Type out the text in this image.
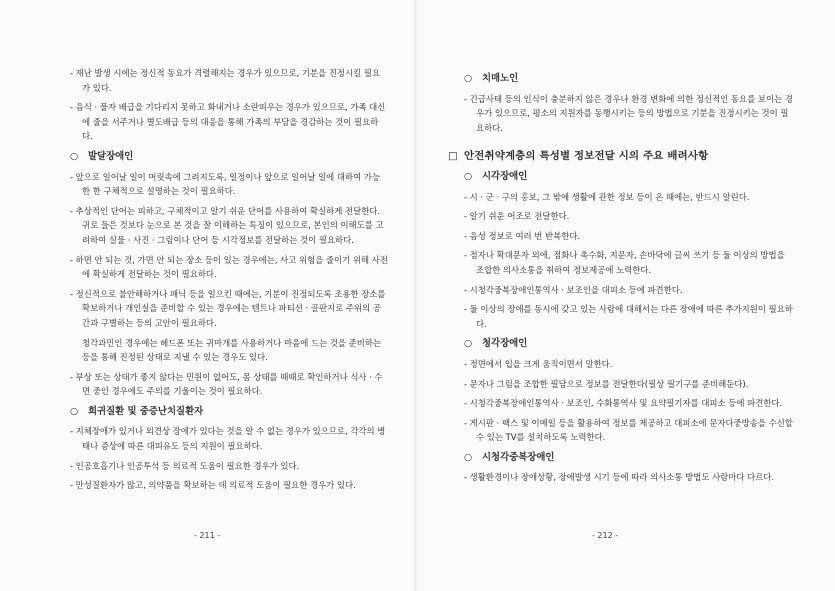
- 재난 발생 시에는 정신적 동요가 격렬해지는 경우가 있으므로, 기분을 진정시킬 필요가 있다.
- 음식 · 물자 배급을 기다리지 못하고 화내거나 소란피우는 경우가 있으므로, 가족 대신에 줄을 서주거나 별도배급 등의 대응을 통해 가족의 부담을 경감하는 것이 필요하다.
○ 발달장애인
- 앞으로 일어날 일이 머릿속에 그려지도록, 일정이나 앞으로 일어날 일에 대하여 가능한 한 구체적으로 설명하는 것이 필요하다.
- 추상적인 단어는 피하고, 구체적이고 알기 쉬운 단어를 사용하여 확실하게 전달한다. 귀로 들은 것보다 눈으로 본 것을 잘 이해하는 특징이 있으므로, 본인의 이해도를 고려하여 실물 · 사진 · 그림이나 단어 등 시각정보를 전달하는 것이 필요하다.
- 하면 안 되는 것, 가면 안 되는 장소 등이 있는 경우에는, 사고 위험을 줄이기 위해 사전에 확실하게 전달하는 것이 필요하다.
- 정신적으로 불안해하거나 패닉 등을 일으킨 때에는, 기분이 진정되도록 조용한 장소를 확보하거나 개인실을 준비할 수 있는 경우에는 텐트나 파티션 · 골판지로 주위의 공간과 구별하는 등의 고안이 필요하다.
청각과민인 경우에는 헤드폰 또는 귀마개를 사용하거나 마음에 드는 것을 준비하는 등을 통해 진정된 상태로 지낼 수 있는 경우도 있다.
- 부상 또는 상태가 좋지 않다는 민원이 없어도, 몸 상태를 때때로 확인하거나 식사 · 수면 중인 경우에도 주의를 기울이는 것이 필요하다.
○ 희귀질환 및 중증난치질환자
- 지체장애가 있거나 외견상 장애가 있다는 것을 알 수 없는 경우가 있으므로, 각각의 병태나 증상에 따른 대피유도 등의 지원이 필요하다.
- 인공호흡기나 인공투석 등 의료적 도움이 필요한 경우가 있다.
- 만성질환자가 많고, 의약품을 확보하는 데 의료적 도움이 필요한 경우가 있다.
- 211 -
○ 치매노인
- 긴급사태 등의 인식이 충분하지 않은 경우나 환경 변화에 의한 정신적인 동요를 보이는 경우가 있으므로, 평소의 지원자를 동행시키는 등의 방법으로 기분을 진정시키는 것이 필요하다.
□ 안전취약계층의 특성별 정보전달 시의 주요 배려사항
○ 시각장애인
- 시 · 군 · 구의 홍보, 그 밖에 생활에 관한 정보 등이 온 때에는, 반드시 알린다.
- 알기 쉬운 어조로 전달한다.
- 음성 정보로 여러 번 반복한다.
- 점자나 확대문자 외에, 점화나 촉수화, 지문자, 손바닥에 글씨 쓰기 등 둘 이상의 방법을 조합한 의사소통을 취하여 정보제공에 노력한다.
- 시청각중복장애인통역사 · 보조인을 대피소 등에 파견한다.
- 둘 이상의 장애를 동시에 갖고 있는 사람에 대해서는 다른 장애에 따른 추가지원이 필요하다.
○ 청각장애인
- 정면에서 입을 크게 움직이면서 말한다.
- 문자나 그림을 조합한 필담으로 정보를 전달한다(필상 필기구를 준비해둔다).
- 시청각중복장애인통역사 · 보조인, 수화통역사 및 요약필기자를 대피소 등에 파견한다.
- 게시판 · 팩스 및 이메일 등을 활용하여 정보를 제공하고 대피소에 문자다중방송을 수신할 수 있는 TV를 설치하도록 노력한다.
○ 시청각중복장애인
- 생활환경이나 장애상황, 장애발생 시기 등에 따라 의사소통 방법도 사람마다 다르다.
- 212 -
